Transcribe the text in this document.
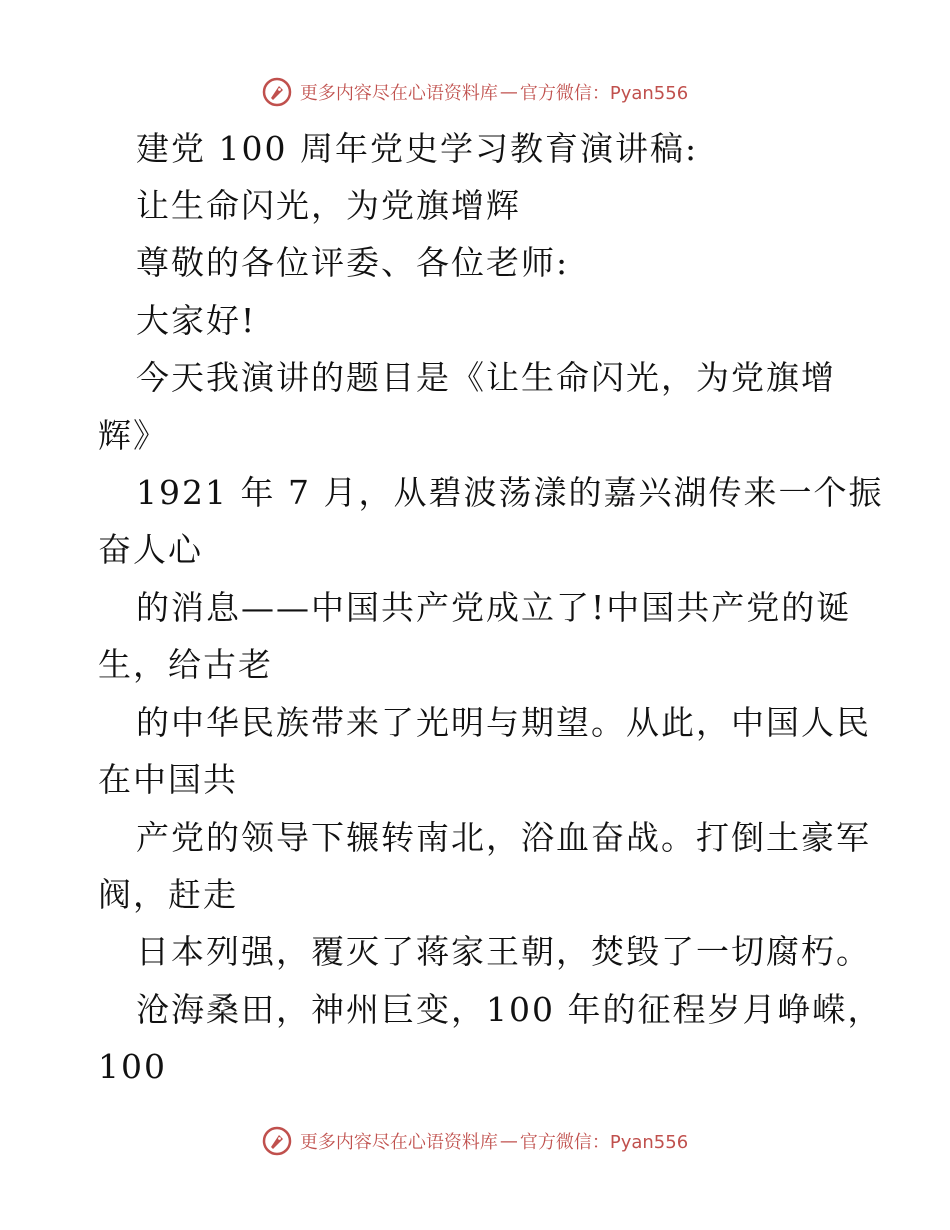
更多内容尽在心语资料库 — 官方微信：Pyan556
建党 100 周年党史学习教育演讲稿:
让生命闪光，为党旗增辉
尊敬的各位评委、各位老师:
大家好!
今天我演讲的题目是《让生命闪光，为党旗增
辉》
1921 年 7 月，从碧波荡漾的嘉兴湖传来一个振
奋人心
的消息——中国共产党成立了!中国共产党的诞
生，给古老
的中华民族带来了光明与期望。从此，中国人民
在中国共
产党的领导下辗转南北，浴血奋战。打倒土豪军
阀，赶走
日本列强，覆灭了蒋家王朝，焚毁了一切腐朽。
沧海桑田，神州巨变，100 年的征程岁月峥嵘，
100
更多内容尽在心语资料库 — 官方微信：Pyan556
